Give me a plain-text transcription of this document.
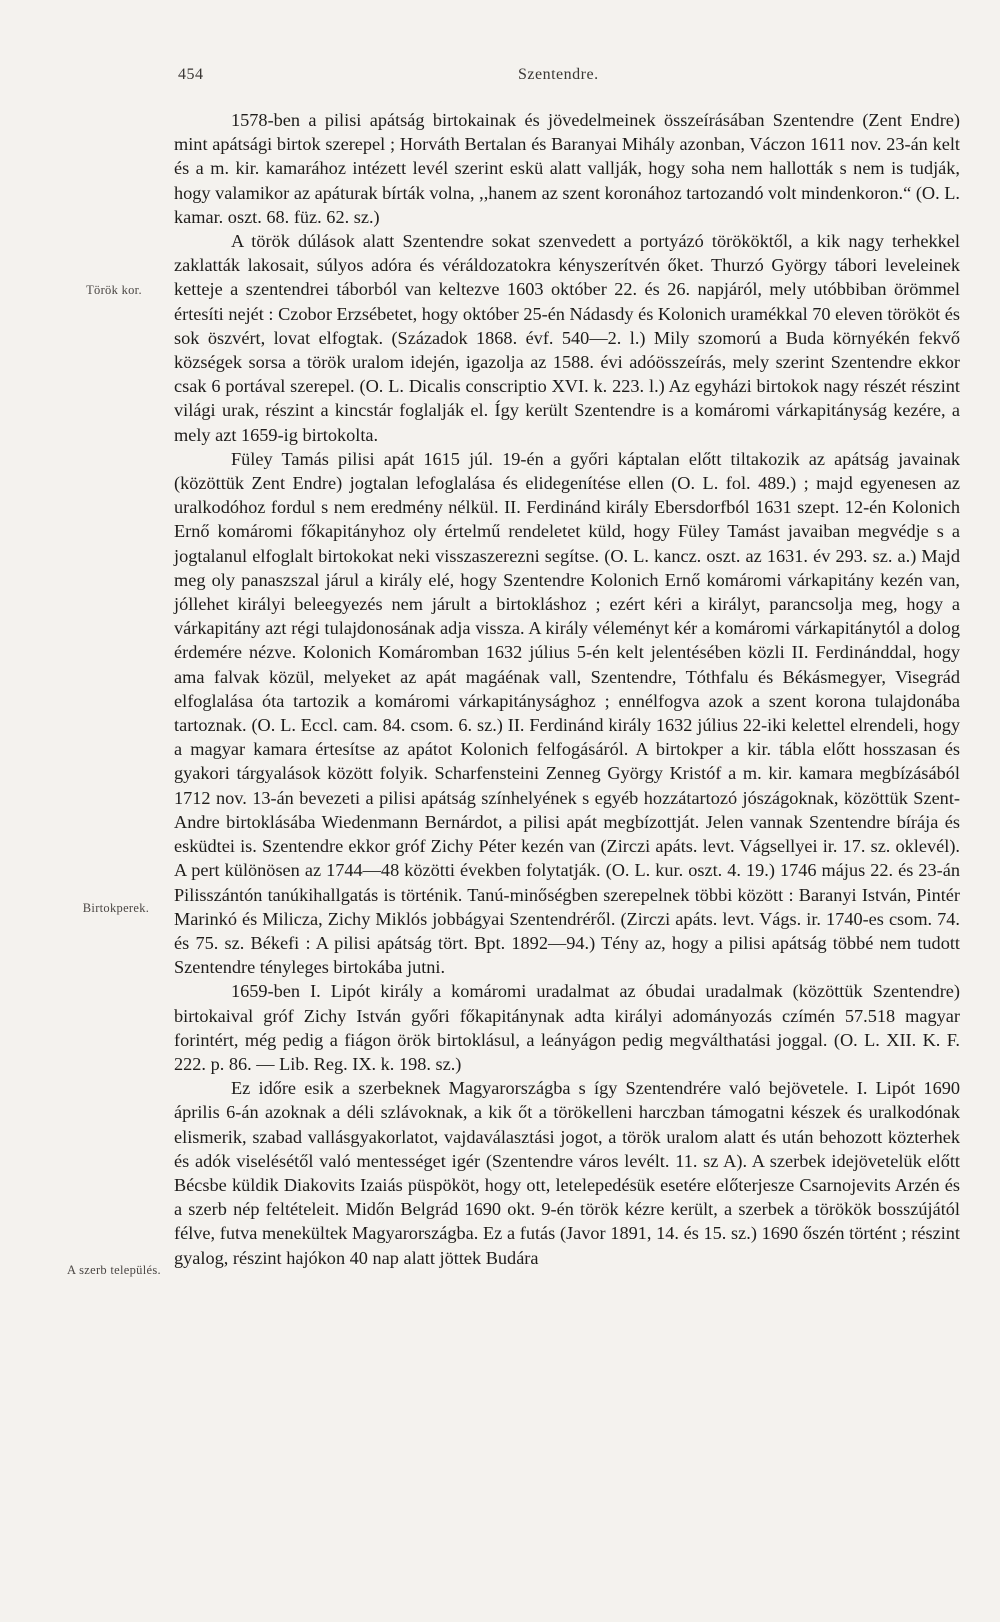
454	Szentendre.
Török kor.
Birtokperek.
A szerb település.

1578-ben a pilisi apátság birtokainak és jövedelmeinek összeírásában Szentendre (Zent Endre) mint apátsági birtok szerepel ; Horváth Bertalan és Baranyai Mihály azonban, Váczon 1611 nov. 23-án kelt és a m. kir. kamarához intézett levél szerint eskü alatt vallják, hogy soha nem hallották s nem is tudják, hogy valamikor az apáturak bírták volna, ,,hanem az szent koronához tartozandó volt mindenkoron.“ (O. L. kamar. oszt. 68. füz. 62. sz.)

A török dúlások alatt Szentendre sokat szenvedett a portyázó törököktől, a kik nagy terhekkel zaklatták lakosait, súlyos adóra és véráldozatokra kényszerítvén őket. Thurzó György tábori leveleinek ketteje a szentendrei táborból van keltezve 1603 október 22. és 26. napjáról, mely utóbbiban örömmel értesíti nejét : Czobor Erzsébetet, hogy október 25-én Nádasdy és Kolonich uramékkal 70 eleven törököt és sok öszvért, lovat elfogtak. (Századok 1868. évf. 540—2. l.) Mily szomorú a Buda környékén fekvő községek sorsa a török uralom idején, igazolja az 1588. évi adóösszeírás, mely szerint Szentendre ekkor csak 6 portával szerepel. (O. L. Dicalis conscriptio XVI. k. 223. l.) Az egyházi birtokok nagy részét részint világi urak, részint a kincstár foglalják el. Így került Szentendre is a komáromi várkapitányság kezére, a mely azt 1659-ig birtokolta.

Füley Tamás pilisi apát 1615 júl. 19-én a győri káptalan előtt tiltakozik az apátság javainak (közöttük Zent Endre) jogtalan lefoglalása és elidegenítése ellen (O. L. fol. 489.) ; majd egyenesen az uralkodóhoz fordul s nem eredmény nélkül. II. Ferdinánd király Ebersdorfból 1631 szept. 12-én Kolonich Ernő komáromi főkapitányhoz oly értelmű rendeletet küld, hogy Füley Tamást javaiban megvédje s a jogtalanul elfoglalt birtokokat neki visszaszerezni segítse. (O. L. kancz. oszt. az 1631. év 293. sz. a.) Majd meg oly panaszszal járul a király elé, hogy Szentendre Kolonich Ernő komáromi várkapitány kezén van, jóllehet királyi beleegyezés nem járult a birtokláshoz ; ezért kéri a királyt, parancsolja meg, hogy a várkapitány azt régi tulajdonosának adja vissza. A király véleményt kér a komáromi várkapitánytól a dolog érdemére nézve. Kolonich Komáromban 1632 július 5-én kelt jelentésében közli II. Ferdinánddal, hogy ama falvak közül, melyeket az apát magáénak vall, Szentendre, Tóthfalu és Békásmegyer, Visegrád elfoglalása óta tartozik a komáromi várkapitánysághoz ; ennélfogva azok a szent korona tulajdonába tartoznak. (O. L. Eccl. cam. 84. csom. 6. sz.) II. Ferdinánd király 1632 július 22-iki kelettel elrendeli, hogy a magyar kamara értesítse az apátot Kolonich felfogásáról. A birtokper a kir. tábla előtt hosszasan és gyakori tárgyalások között folyik. Scharfensteini Zenneg György Kristóf a m. kir. kamara megbízásából 1712 nov. 13-án bevezeti a pilisi apátság színhelyének s egyéb hozzátartozó jószágoknak, közöttük Szent-Andre birtoklásába Wiedenmann Bernárdot, a pilisi apát megbízottját. Jelen vannak Szentendre bírája és esküdtei is. Szentendre ekkor gróf Zichy Péter kezén van (Zirczi apáts. levt. Vágsellyei ir. 17. sz. oklevél). A pert különösen az 1744—48 közötti években folytatják. (O. L. kur. oszt. 4. 19.) 1746 május 22. és 23-án Pilisszántón tanúkihallgatás is történik. Tanú-minőségben szerepelnek többi között : Baranyi István, Pintér Marinkó és Milicza, Zichy Miklós jobbágyai Szentendréről. (Zirczi apáts. levt. Vágs. ir. 1740-es csom. 74. és 75. sz. Békefi : A pilisi apátság tört. Bpt. 1892—94.) Tény az, hogy a pilisi apátság többé nem tudott Szentendre tényleges birtokába jutni.

1659-ben I. Lipót király a komáromi uradalmat az óbudai uradalmak (közöttük Szentendre) birtokaival gróf Zichy István győri főkapitánynak adta királyi adományozás czímén 57.518 magyar forintért, még pedig a fiágon örök birtoklásul, a leányágon pedig megválthatási joggal. (O. L. XII. K. F. 222. p. 86. — Lib. Reg. IX. k. 198. sz.)

Ez időre esik a szerbeknek Magyarországba s így Szentendrére való bejövetele. I. Lipót 1690 április 6-án azoknak a déli szlávoknak, a kik őt a törökelleni harczban támogatni készek és uralkodónak elismerik, szabad vallásgyakorlatot, vajdaválasztási jogot, a török uralom alatt és után behozott közterhek és adók viselésétől való mentességet igér (Szentendre város levélt. 11. sz A). A szerbek idejövetelük előtt Bécsbe küldik Diakovits Izaiás püspököt, hogy ott, letelepedésük esetére előterjesze Csarnojevits Arzén és a szerb nép feltételeit. Midőn Belgrád 1690 okt. 9-én török kézre került, a szerbek a törökök bosszújától félve, futva menekültek Magyarországba. Ez a futás (Javor 1891, 14. és 15. sz.) 1690 őszén történt ; részint gyalog, részint hajókon 40 nap alatt jöttek Budára
